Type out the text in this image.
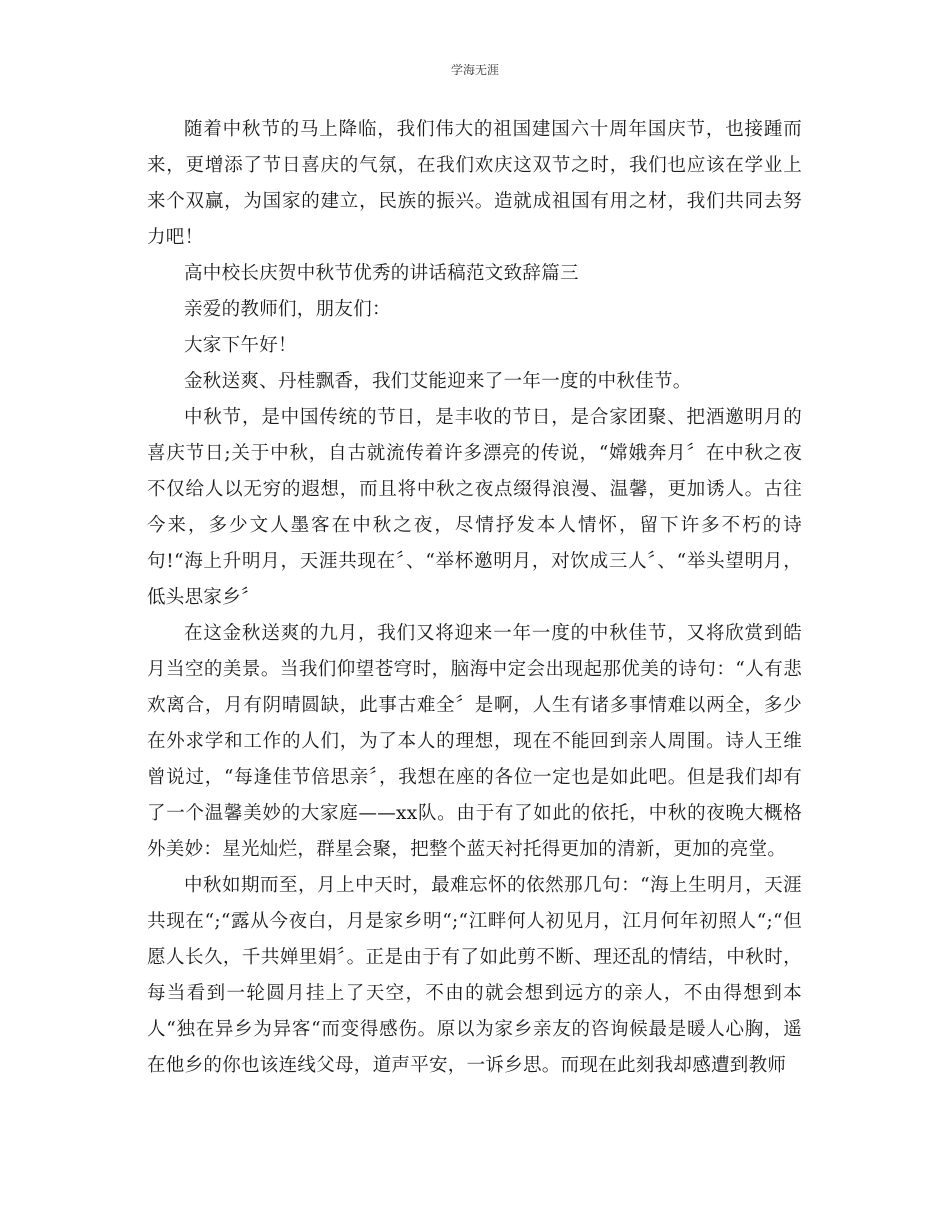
学海无涯

随着中秋节的马上降临，我们伟大的祖国建国六十周年国庆节，也接踵而来，更增添了节日喜庆的气氛，在我们欢庆这双节之时，我们也应该在学业上来个双赢，为国家的建立，民族的振兴。造就成祖国有用之材，我们共同去努力吧！

高中校长庆贺中秋节优秀的讲话稿范文致辞篇三

亲爱的教师们，朋友们：

大家下午好！

金秋送爽、丹桂飘香，我们艾能迎来了一年一度的中秋佳节。

中秋节，是中国传统的节日，是丰收的节日，是合家团聚、把酒邀明月的喜庆节日;关于中秋，自古就流传着许多漂亮的传说，“嫦娥奔月〞在中秋之夜不仅给人以无穷的遐想，而且将中秋之夜点缀得浪漫、温馨，更加诱人。古往今来，多少文人墨客在中秋之夜，尽情抒发本人情怀，留下许多不朽的诗句!“海上升明月，天涯共现在〞、“举杯邀明月，对饮成三人〞、“举头望明月，低头思家乡〞

在这金秋送爽的九月，我们又将迎来一年一度的中秋佳节，又将欣赏到皓月当空的美景。当我们仰望苍穹时，脑海中定会出现起那优美的诗句：“人有悲欢离合，月有阴晴圆缺，此事古难全〞是啊，人生有诸多事情难以两全，多少在外求学和工作的人们，为了本人的理想，现在不能回到亲人周围。诗人王维曾说过，“每逢佳节倍思亲〞，我想在座的各位一定也是如此吧。但是我们却有了一个温馨美妙的大家庭——xx队。由于有了如此的依托，中秋的夜晚大概格外美妙：星光灿烂，群星会聚，把整个蓝天衬托得更加的清新，更加的亮堂。

中秋如期而至，月上中天时，最难忘怀的依然那几句：“海上生明月，天涯共现在“;“露从今夜白，月是家乡明“;“江畔何人初见月，江月何年初照人“;“但愿人长久，千共婵里娟〞。正是由于有了如此剪不断、理还乱的情结，中秋时，每当看到一轮圆月挂上了天空，不由的就会想到远方的亲人，不由得想到本人“独在异乡为异客“而变得感伤。原以为家乡亲友的咨询候最是暖人心胸，遥在他乡的你也该连线父母，道声平安，一诉乡思。而现在此刻我却感遭到教师
